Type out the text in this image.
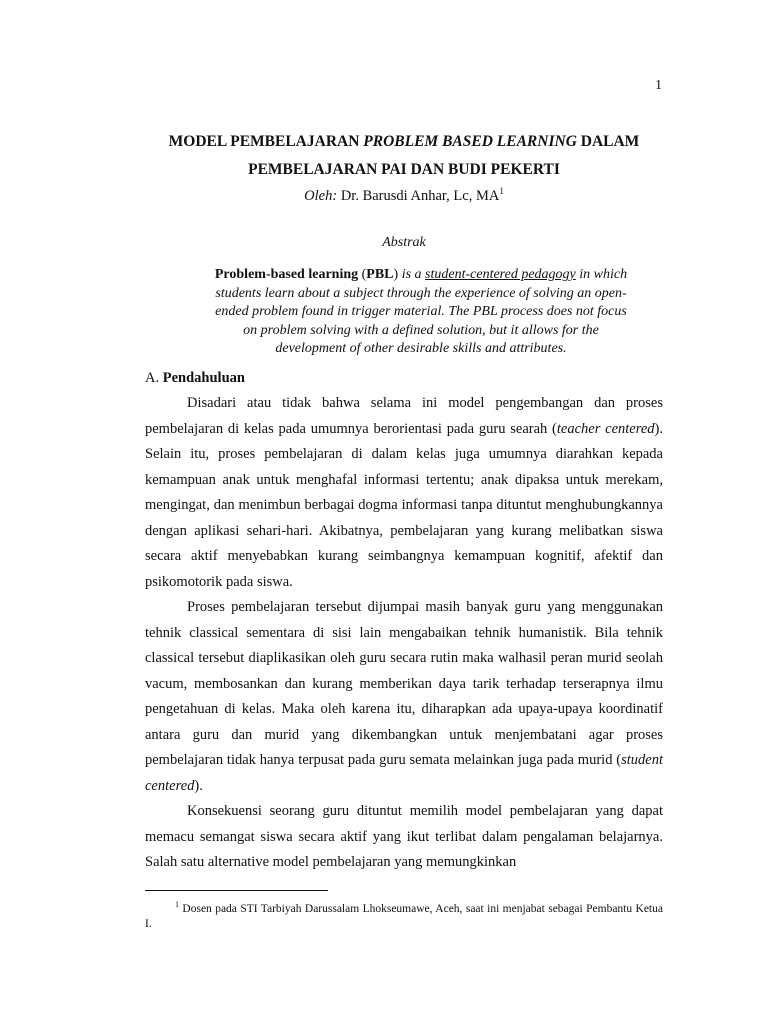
1
MODEL PEMBELAJARAN PROBLEM BASED LEARNING DALAM
PEMBELAJARAN PAI DAN BUDI PEKERTI
Oleh: Dr. Barusdi Anhar, Lc, $MA^1$
Abstrak
Problem-based learning (PBL) is a student-centered pedagogy in which students learn about a subject through the experience of solving an open-ended problem found in trigger material. The PBL process does not focus on problem solving with a defined solution, but it allows for the development of other desirable skills and attributes.
A. Pendahuluan

Disadari atau tidak bahwa selama ini model pengembangan dan proses pembelajaran di kelas pada umumnya berorientasi pada guru searah (teacher centered). Selain itu, proses pembelajaran di dalam kelas juga umumnya diarahkan kepada kemampuan anak untuk menghafal informasi tertentu; anak dipaksa untuk merekam, mengingat, dan menimbun berbagai dogma informasi tanpa dituntut menghubungkannya dengan aplikasi sehari-hari. Akibatnya, pembelajaran yang kurang melibatkan siswa secara aktif menyebabkan kurang seimbangnya kemampuan kognitif, afektif dan psikomotorik pada siswa.

Proses pembelajaran tersebut dijumpai masih banyak guru yang menggunakan tehnik classical sementara di sisi lain mengabaikan tehnik humanistik. Bila tehnik classical tersebut diaplikasikan oleh guru secara rutin maka walhasil peran murid seolah vacum, membosankan dan kurang memberikan daya tarik terhadap terserapnya ilmu pengetahuan di kelas. Maka oleh karena itu, diharapkan ada upaya-upaya koordinatif antara guru dan murid yang dikembangkan untuk menjembatani agar proses pembelajaran tidak hanya terpusat pada guru semata melainkan juga pada murid (student centered).

Konsekuensi seorang guru dituntut memilih model pembelajaran yang dapat memacu semangat siswa secara aktif yang ikut terlibat dalam pengalaman belajarnya. Salah satu alternative model pembelajaran yang memungkinkan

$^1$ Dosen pada STI Tarbiyah Darussalam Lhokseumawe, Aceh, saat ini menjabat sebagai Pembantu Ketua I.
